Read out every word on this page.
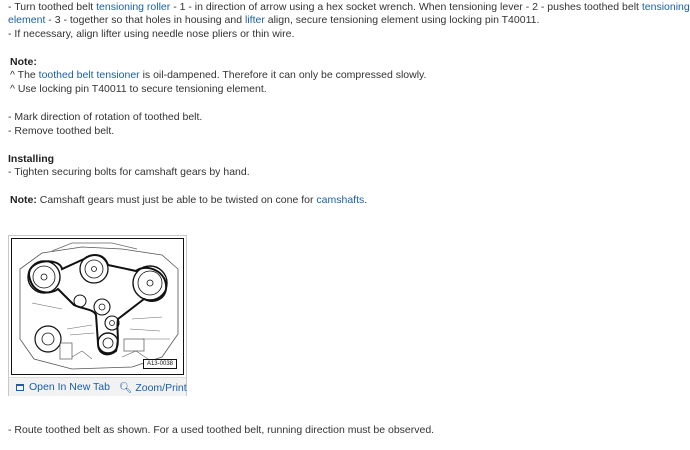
- Turn toothed belt tensioning roller - 1 - in direction of arrow using a hex socket wrench. When tensioning lever - 2 - pushes toothed belt tensioning
element - 3 - together so that holes in housing and lifter align, secure tensioning element using locking pin T40011.
- If necessary, align lifter using needle nose pliers or thin wire.
Note:
^ The toothed belt tensioner is oil-dampened. Therefore it can only be compressed slowly.
^ Use locking pin T40011 to secure tensioning element.
- Mark direction of rotation of toothed belt.
- Remove toothed belt.
Installing
- Tighten securing bolts for camshaft gears by hand.
Note: Camshaft gears must just be able to be twisted on cone for camshafts.
A13-0038
Open In New Tab 🔍︎ Zoom/Print
- Route toothed belt as shown. For a used toothed belt, running direction must be observed.
